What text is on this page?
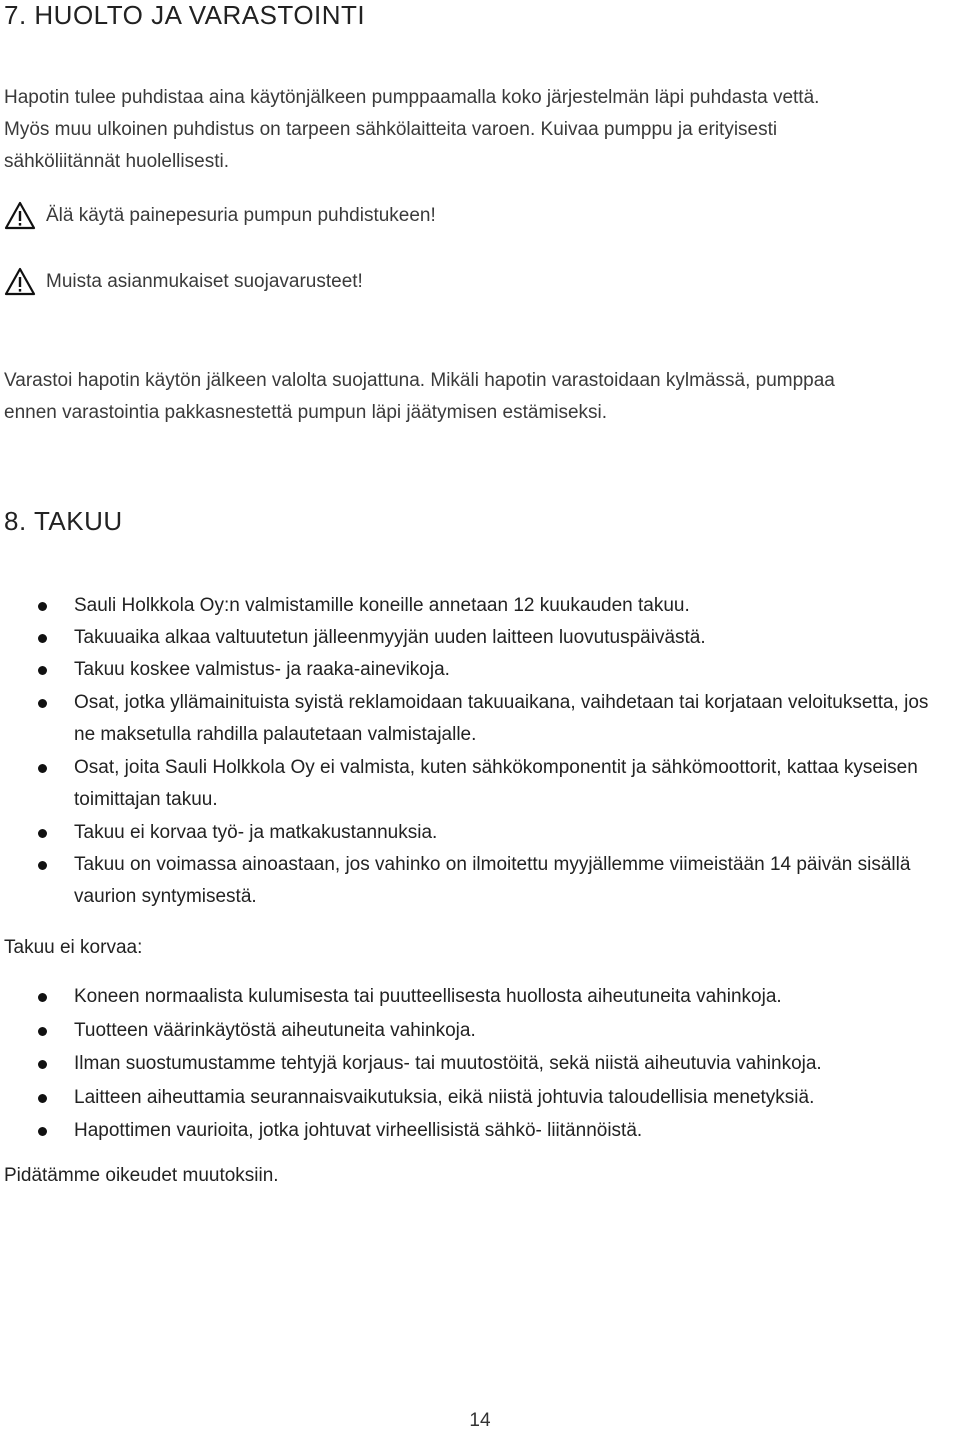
7. HUOLTO JA VARASTOINTI
Hapotin tulee puhdistaa aina käytönjälkeen pumppaamalla koko järjestelmän läpi puhdasta vettä.
Myös muu ulkoinen puhdistus on tarpeen sähkölaitteita varoen. Kuivaa pumppu ja erityisesti
sähköliitännät huolellisesti.
Älä käytä painepesuria pumpun puhdistukeen!
Muista asianmukaiset suojavarusteet!
Varastoi hapotin käytön jälkeen valolta suojattuna. Mikäli hapotin varastoidaan kylmässä, pumppaa
ennen varastointia pakkasnestettä pumpun läpi jäätymisen estämiseksi.
8. TAKUU
Sauli Holkkola Oy:n valmistamille koneille annetaan 12 kuukauden takuu.
Takuuaika alkaa valtuutetun jälleenmyyjän uuden laitteen luovutuspäivästä.
Takuu koskee valmistus- ja raaka-ainevikoja.
Osat, jotka yllämainituista syistä reklamoidaan takuuaikana, vaihdetaan tai korjataan veloituksetta, jos ne maksetulla rahdilla palautetaan valmistajalle.
Osat, joita Sauli Holkkola Oy ei valmista, kuten sähkökomponentit ja sähkömoottorit, kattaa kyseisen toimittajan takuu.
Takuu ei korvaa työ- ja matkakustannuksia.
Takuu on voimassa ainoastaan, jos vahinko on ilmoitettu myyjällemme viimeistään 14 päivän sisällä vaurion syntymisestä.
Takuu ei korvaa:
Koneen normaalista kulumisesta tai puutteellisesta huollosta aiheutuneita vahinkoja.
Tuotteen väärinkäytöstä aiheutuneita vahinkoja.
Ilman suostumustamme tehtyjä korjaus- tai muutostöitä, sekä niistä aiheutuvia vahinkoja.
Laitteen aiheuttamia seurannaisvaikutuksia, eikä niistä johtuvia taloudellisia menetyksiä.
Hapottimen vaurioita, jotka johtuvat virheellisistä sähkö- liitännöistä.
Pidätämme oikeudet muutoksiin.
14
